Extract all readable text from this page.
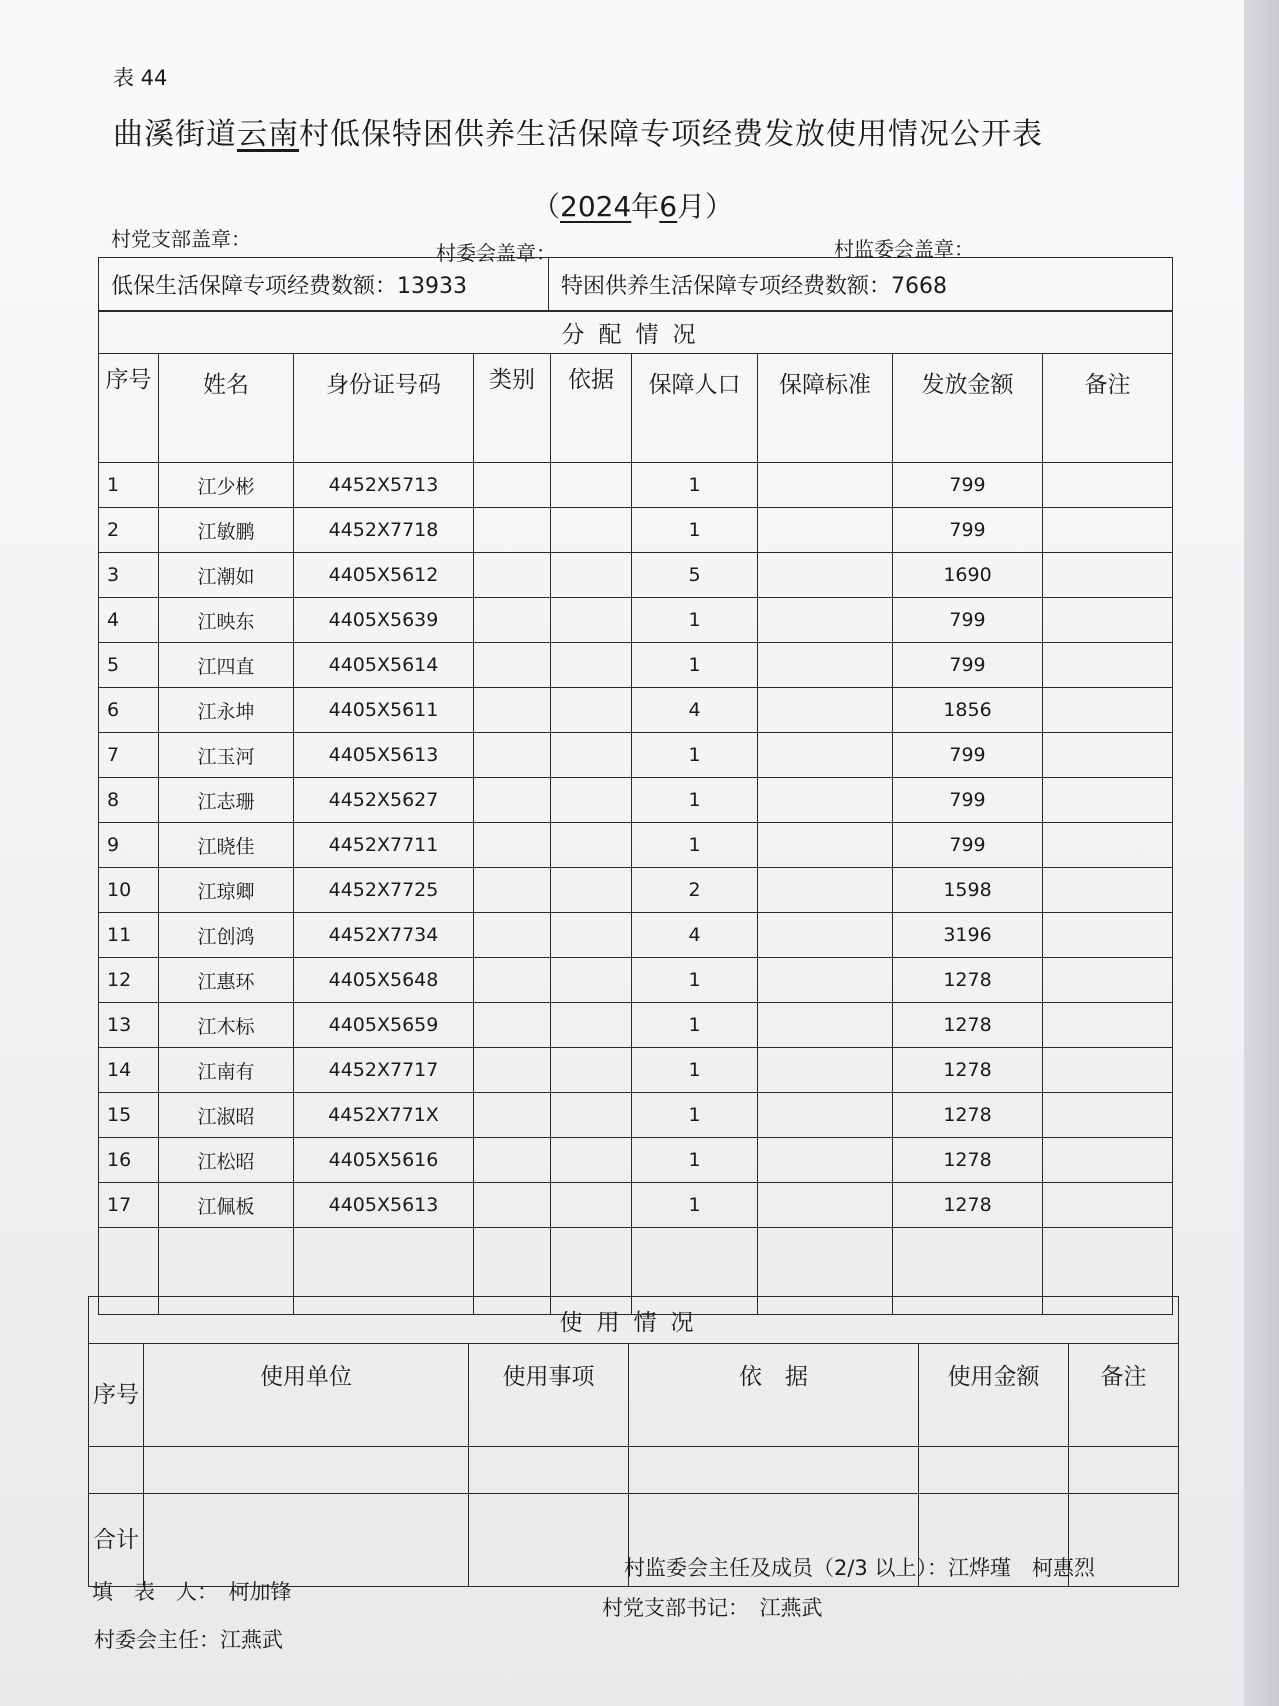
表 44
曲溪街道云南村低保特困供养生活保障专项经费发放使用情况公开表
（2024年6月）
村党支部盖章：
村委会盖章：	村监委会盖章：
低保生活保障专项经费数额：13933	特困供养生活保障专项经费数额：7668
分配情况								
序号	姓名	身份证号码	类别	依据	保障人口	保障标准	发放金额	备注
1	江少彬	4452X5713			1		799	
2	江敏鹏	4452X7718			1		799	
3	江潮如	4405X5612			5		1690	
4	江映东	4405X5639			1		799	
5	江四直	4405X5614			1		799	
6	江永坤	4405X5611			4		1856	
7	江玉河	4405X5613			1		799	
8	江志珊	4452X5627			1		799	
9	江晓佳	4452X7711			1		799	
10	江琼卿	4452X7725			2		1598	
11	江创鸿	4452X7734			4		3196	
12	江惠环	4405X5648			1		1278	
13	江木标	4405X5659			1		1278	
14	江南有	4452X7717			1		1278	
15	江淑昭	4452X771X			1		1278	
16	江松昭	4405X5616			1		1278	
17	江佩板	4405X5613			1		1278	

使用情况					
序号	使用单位	使用事项	依　据	使用金额	备注

合计					
村监委会主任及成员（2/3 以上）：江烨瑾　柯惠烈
填　表　人：　柯加锋
村党支部书记：　江燕武
村委会主任：江燕武
